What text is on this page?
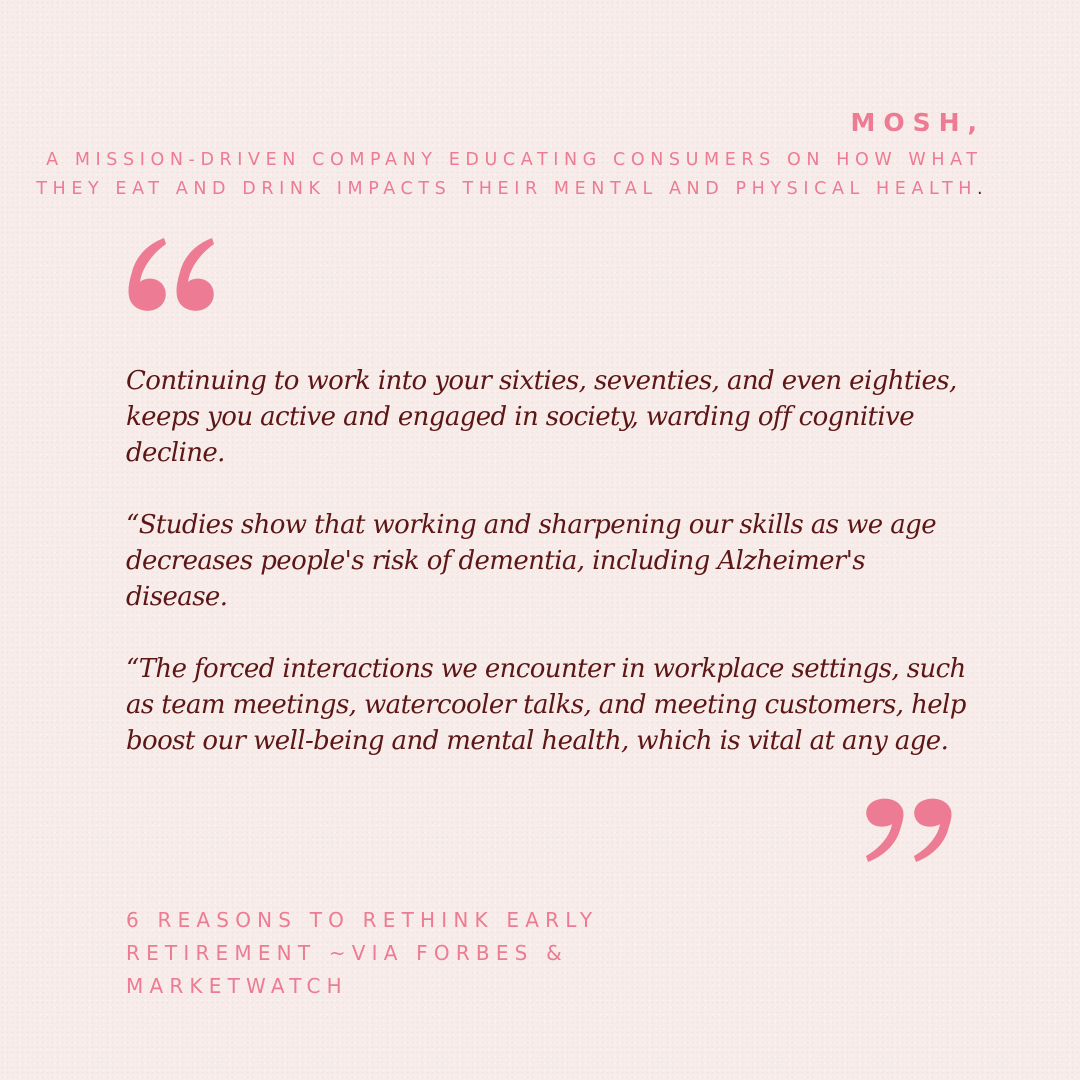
MOSH,
A MISSION-DRIVEN COMPANY EDUCATING CONSUMERS ON HOW WHAT THEY EAT AND DRINK IMPACTS THEIR MENTAL AND PHYSICAL HEALTH.

Continuing to work into your sixties, seventies, and even eighties, keeps you active and engaged in society, warding off cognitive decline.

“Studies show that working and sharpening our skills as we age decreases people's risk of dementia, including Alzheimer's disease.

“The forced interactions we encounter in workplace settings, such as team meetings, watercooler talks, and meeting customers, help boost our well-being and mental health, which is vital at any age.

6 REASONS TO RETHINK EARLY RETIREMENT ~VIA FORBES & MARKETWATCH
